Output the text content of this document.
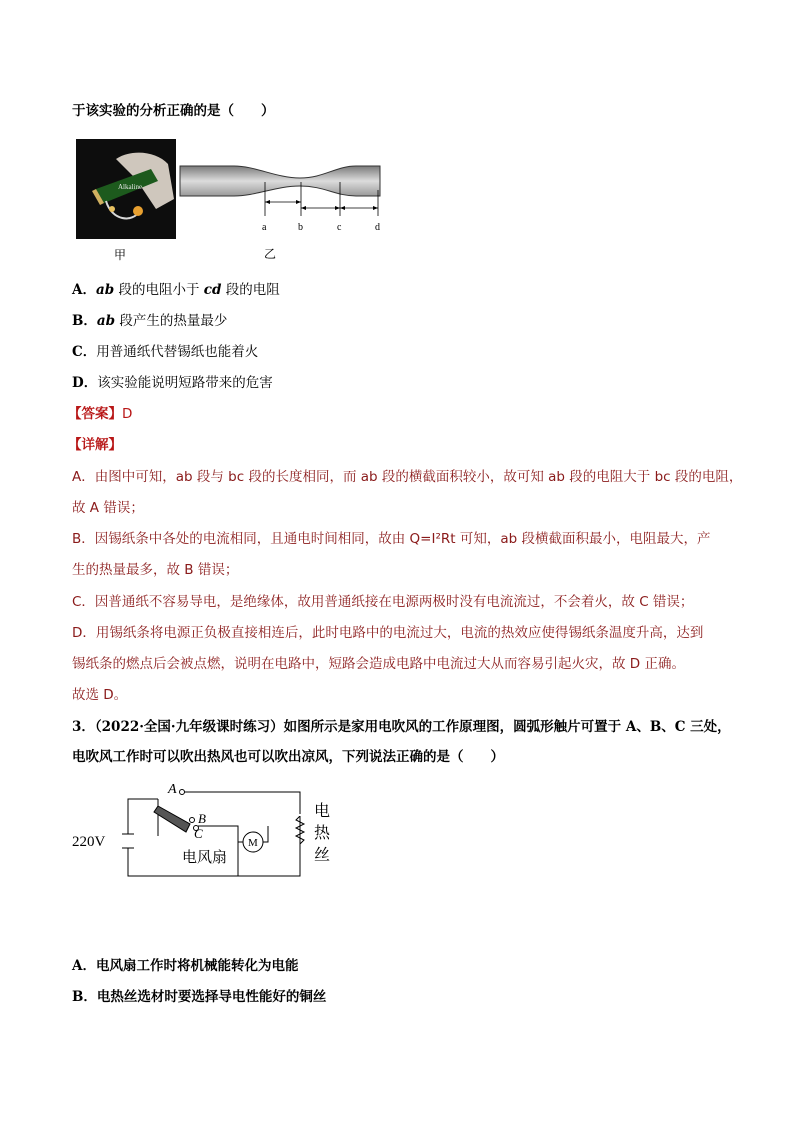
于该实验的分析正确的是（　　）
Alkaline
甲
a	b	c	d
乙
A．ab 段的电阻小于 cd 段的电阻
B．ab 段产生的热量最少
C．用普通纸代替锡纸也能着火
D．该实验能说明短路带来的危害
【答案】D
【详解】
A．由图中可知，ab 段与 bc 段的长度相同，而 ab 段的横截面积较小，故可知 ab 段的电阻大于 bc 段的电阻，
故 A 错误；
B．因锡纸条中各处的电流相同，且通电时间相同，故由 Q=I²Rt 可知，ab 段横截面积最小，电阻最大，产
生的热量最多，故 B 错误；
C．因普通纸不容易导电，是绝缘体，故用普通纸接在电源两极时没有电流流过，不会着火，故 C 错误；
D．用锡纸条将电源正负极直接相连后，此时电路中的电流过大，电流的热效应使得锡纸条温度升高，达到
锡纸条的燃点后会被点燃，说明在电路中，短路会造成电路中电流过大从而容易引起火灾，故 D 正确。
故选 D。
3．（2022·全国·九年级课时练习）如图所示是家用电吹风的工作原理图，圆弧形触片可置于 A、B、C 三处，
电吹风工作时可以吹出热风也可以吹出凉风，下列说法正确的是（　　）
M
A
B
C
220V
电风扇
电
热
丝
A．电风扇工作时将机械能转化为电能
B．电热丝选材时要选择导电性能好的铜丝
